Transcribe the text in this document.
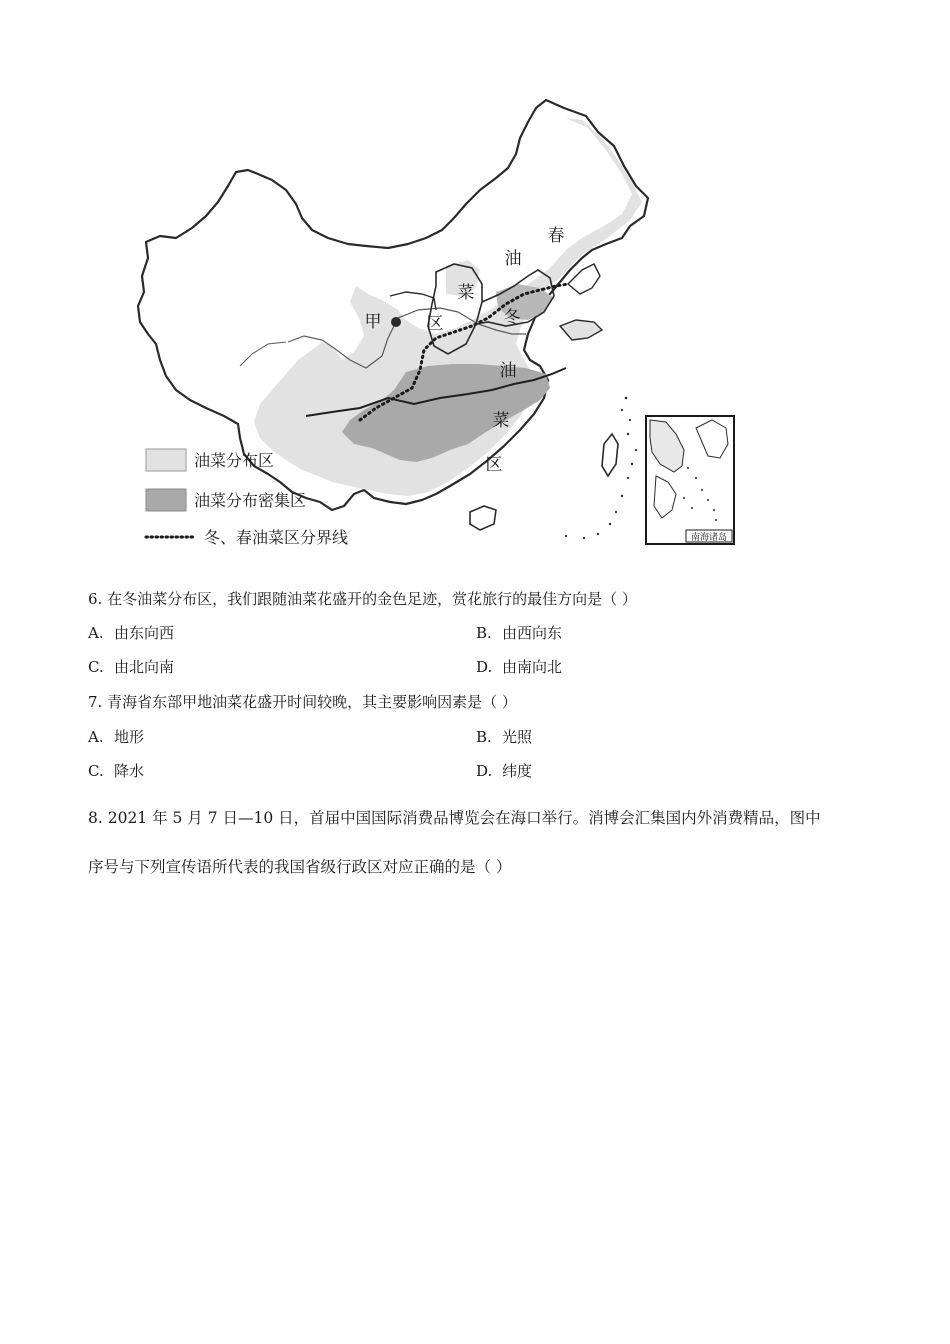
甲
春
油
菜
区	冬
油
菜
区
南海诸岛
油菜分布区
油菜分布密集区
冬、春油菜区分界线
6. 在冬油菜分布区，我们跟随油菜花盛开的金色足迹，赏花旅行的最佳方向是（ ）
A. 由东向西	B. 由西向东
C. 由北向南	D. 由南向北
7. 青海省东部甲地油菜花盛开时间较晚，其主要影响因素是（ ）
A. 地形	B. 光照
C. 降水	D. 纬度
8. 2021 年 5 月 7 日—10 日，首届中国国际消费品博览会在海口举行。消博会汇集国内外消费精品，图中
序号与下列宣传语所代表的我国省级行政区对应正确的是（ ）
